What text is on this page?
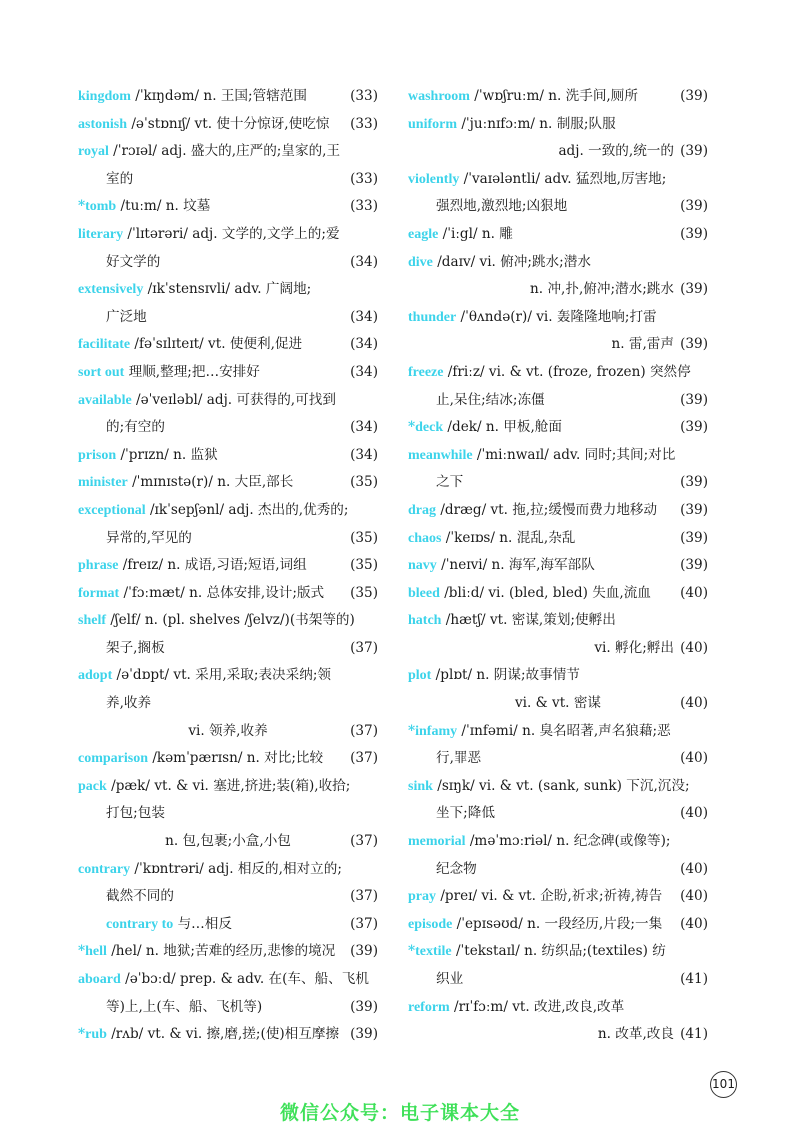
kingdom /ˈkɪŋdəm/ n. 王国;管辖范围	(33)
astonish /əˈstɒnɪʃ/ vt. 使十分惊讶,使吃惊 (33)
royal /ˈrɔɪəl/ adj. 盛大的,庄严的;皇家的,王
室的	(33)
*tomb /tuːm/ n. 坟墓	(33)
literary /ˈlɪtərəri/ adj. 文学的,文学上的;爱
好文学的	(34)
extensively /ɪkˈstensɪvli/ adv. 广阔地;
广泛地	(34)
facilitate /fəˈsɪlɪteɪt/ vt. 使便利,促进	(34)
sort out 理顺,整理;把…安排好	(34)
available /əˈveɪləbl/ adj. 可获得的,可找到
的;有空的	(34)
prison /ˈprɪzn/ n. 监狱	(34)
minister /ˈmɪnɪstə(r)/ n. 大臣,部长	(35)
exceptional /ɪkˈsepʃənl/ adj. 杰出的,优秀的;
异常的,罕见的	(35)
phrase /freɪz/ n. 成语,习语;短语,词组	(35)
format /ˈfɔːmæt/ n. 总体安排,设计;版式 (35)
shelf /ʃelf/ n. (pl. shelves /ʃelvz/)(书架等的)
架子,搁板	(37)
adopt /əˈdɒpt/ vt. 采用,采取;表决采纳;领
养,收养
vi. 领养,收养	(37)
comparison /kəmˈpærɪsn/ n. 对比;比较 (37)
pack /pæk/ vt. & vi. 塞进,挤进;装(箱),收拾;
打包;包装
n. 包,包裹;小盒,小包	(37)
contrary /ˈkɒntrəri/ adj. 相反的,相对立的;
截然不同的	(37)
contrary to 与…相反	(37)
*hell /hel/ n. 地狱;苦难的经历,悲惨的境况 (39)
aboard /əˈbɔːd/ prep. & adv. 在(车、船、飞机
等)上,上(车、船、飞机等)	(39)
*rub /rʌb/ vt. & vi. 擦,磨,搓;(使)相互摩擦 (39)
washroom /ˈwɒʃruːm/ n. 洗手间,厕所	(39)
uniform /ˈjuːnɪfɔːm/ n. 制服;队服
adj. 一致的,统一的 (39)
violently /ˈvaɪələntli/ adv. 猛烈地,厉害地;
强烈地,激烈地;凶狠地	(39)
eagle /ˈiːgl/ n. 雕	(39)
dive /daɪv/ vi. 俯冲;跳水;潜水
n. 冲,扑,俯冲;潜水;跳水 (39)
thunder /ˈθʌndə(r)/ vi. 轰隆隆地响;打雷
n. 雷,雷声 (39)
freeze /friːz/ vi. & vt. (froze, frozen) 突然停
止,呆住;结冰;冻僵	(39)
*deck /dek/ n. 甲板,舱面	(39)
meanwhile /ˈmiːnwaɪl/ adv. 同时;其间;对比
之下	(39)
drag /dræg/ vt. 拖,拉;缓慢而费力地移动 (39)
chaos /ˈkeɪɒs/ n. 混乱,杂乱	(39)
navy /ˈneɪvi/ n. 海军,海军部队	(39)
bleed /bliːd/ vi. (bled, bled) 失血,流血 (40)
hatch /hætʃ/ vt. 密谋,策划;使孵出
vi. 孵化;孵出 (40)
plot /plɒt/ n. 阴谋;故事情节
vi. & vt. 密谋	(40)
*infamy /ˈɪnfəmi/ n. 臭名昭著,声名狼藉;恶
行,罪恶	(40)
sink /sɪŋk/ vi. & vt. (sank, sunk) 下沉,沉没;
坐下;降低	(40)
memorial /məˈmɔːriəl/ n. 纪念碑(或像等);
纪念物	(40)
pray /preɪ/ vi. & vt. 企盼,祈求;祈祷,祷告 (40)
episode /ˈepɪsəʊd/ n. 一段经历,片段;一集 (40)
*textile /ˈtekstaɪl/ n. 纺织品;(textiles) 纺
织业	(41)
reform /rɪˈfɔːm/ vt. 改进,改良,改革
n. 改革,改良 (41)
101
微信公众号：电子课本大全
